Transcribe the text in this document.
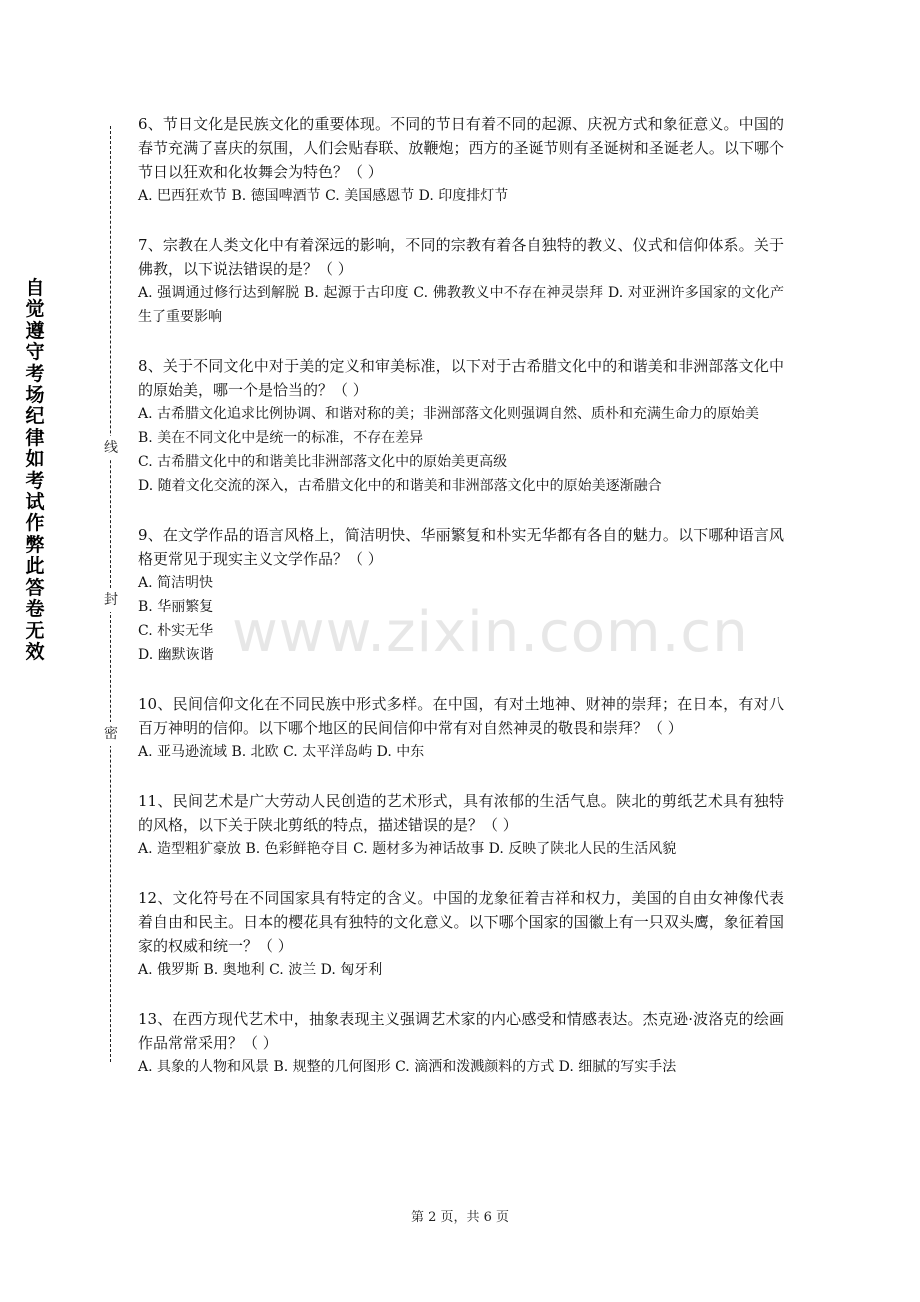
自觉遵守考场纪律如考试作弊此答卷无效
线
封
密

6、节日文化是民族文化的重要体现。不同的节日有着不同的起源、庆祝方式和象征意义。中国的春节充满了喜庆的氛围，人们会贴春联、放鞭炮；西方的圣诞节则有圣诞树和圣诞老人。以下哪个节日以狂欢和化妆舞会为特色？（ ）

A. 巴西狂欢节 B. 德国啤酒节 C. 美国感恩节 D. 印度排灯节

7、宗教在人类文化中有着深远的影响，不同的宗教有着各自独特的教义、仪式和信仰体系。关于佛教，以下说法错误的是？（ ）

A. 强调通过修行达到解脱 B. 起源于古印度 C. 佛教教义中不存在神灵崇拜 D. 对亚洲许多国家的文化产生了重要影响

8、关于不同文化中对于美的定义和审美标准，以下对于古希腊文化中的和谐美和非洲部落文化中的原始美，哪一个是恰当的？（ ）

A. 古希腊文化追求比例协调、和谐对称的美；非洲部落文化则强调自然、质朴和充满生命力的原始美

B. 美在不同文化中是统一的标准，不存在差异

C. 古希腊文化中的和谐美比非洲部落文化中的原始美更高级

D. 随着文化交流的深入，古希腊文化中的和谐美和非洲部落文化中的原始美逐渐融合

9、在文学作品的语言风格上，简洁明快、华丽繁复和朴实无华都有各自的魅力。以下哪种语言风格更常见于现实主义文学作品？（ ）

A. 简洁明快

B. 华丽繁复

C. 朴实无华

D. 幽默诙谐

10、民间信仰文化在不同民族中形式多样。在中国，有对土地神、财神的崇拜；在日本，有对八百万神明的信仰。以下哪个地区的民间信仰中常有对自然神灵的敬畏和崇拜？（ ）

A. 亚马逊流域 B. 北欧 C. 太平洋岛屿 D. 中东

11、民间艺术是广大劳动人民创造的艺术形式，具有浓郁的生活气息。陕北的剪纸艺术具有独特的风格，以下关于陕北剪纸的特点，描述错误的是？（ ）

A. 造型粗犷豪放 B. 色彩鲜艳夺目 C. 题材多为神话故事 D. 反映了陕北人民的生活风貌

12、文化符号在不同国家具有特定的含义。中国的龙象征着吉祥和权力，美国的自由女神像代表着自由和民主。日本的樱花具有独特的文化意义。以下哪个国家的国徽上有一只双头鹰，象征着国家的权威和统一？（ ）

A. 俄罗斯 B. 奥地利 C. 波兰 D. 匈牙利

13、在西方现代艺术中，抽象表现主义强调艺术家的内心感受和情感表达。杰克逊·波洛克的绘画作品常常采用？（ ）

A. 具象的人物和风景 B. 规整的几何图形 C. 滴洒和泼溅颜料的方式 D. 细腻的写实手法

www.zixin.com.cn
第 2 页，共 6 页
